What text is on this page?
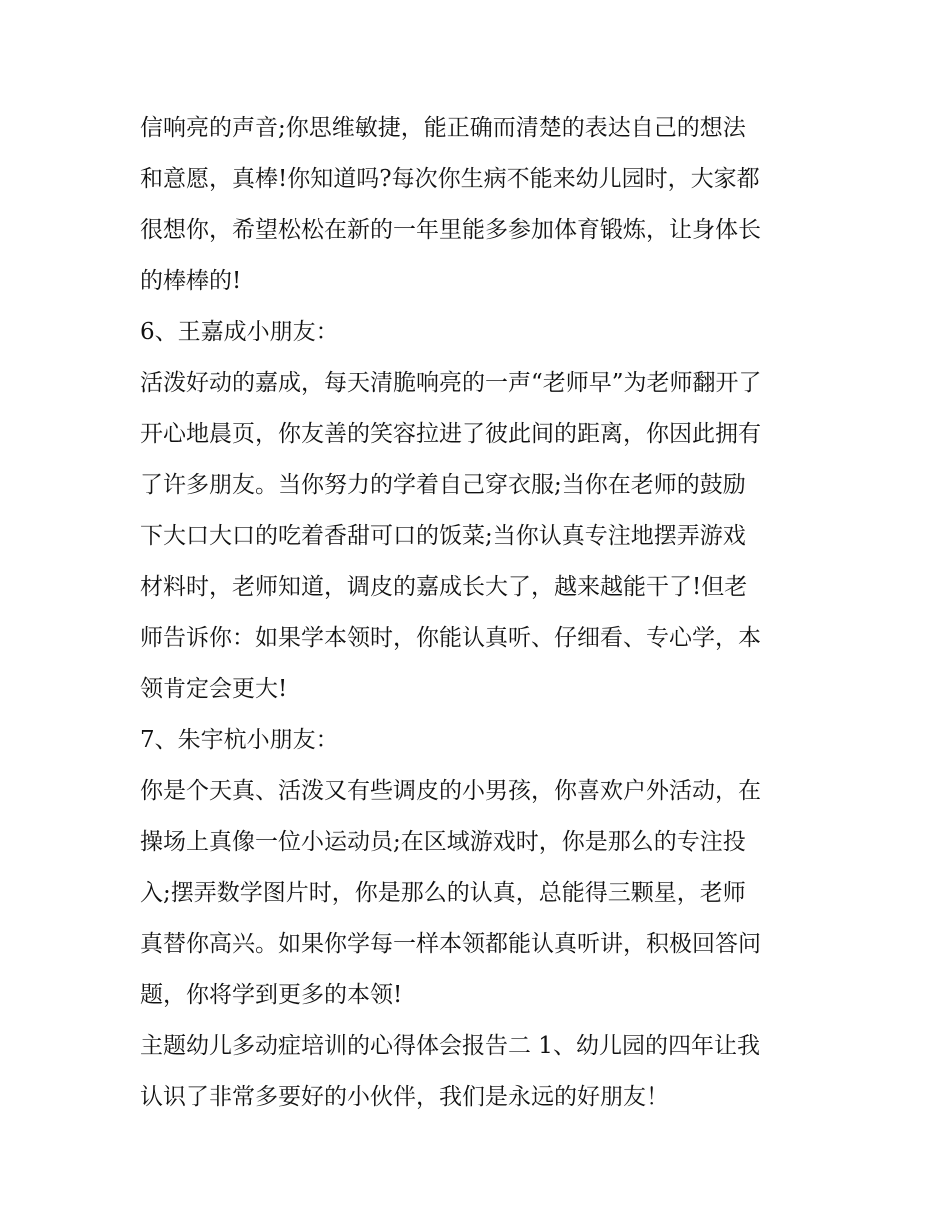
信响亮的声音;你思维敏捷，能正确而清楚的表达自己的想法
和意愿，真棒!你知道吗?每次你生病不能来幼儿园时，大家都
很想你，希望松松在新的一年里能多参加体育锻炼，让身体长
的棒棒的!
6、王嘉成小朋友：
活泼好动的嘉成，每天清脆响亮的一声“老师早”为老师翻开了
开心地晨页，你友善的笑容拉进了彼此间的距离，你因此拥有
了许多朋友。当你努力的学着自己穿衣服;当你在老师的鼓励
下大口大口的吃着香甜可口的饭菜;当你认真专注地摆弄游戏
材料时，老师知道，调皮的嘉成长大了，越来越能干了!但老
师告诉你：如果学本领时，你能认真听、仔细看、专心学，本
领肯定会更大!
7、朱宇杭小朋友：
你是个天真、活泼又有些调皮的小男孩，你喜欢户外活动，在
操场上真像一位小运动员;在区域游戏时，你是那么的专注投
入;摆弄数学图片时，你是那么的认真，总能得三颗星，老师
真替你高兴。如果你学每一样本领都能认真听讲，积极回答问
题，你将学到更多的本领!
主题幼儿多动症培训的心得体会报告二 1、幼儿园的四年让我
认识了非常多要好的小伙伴，我们是永远的好朋友！
